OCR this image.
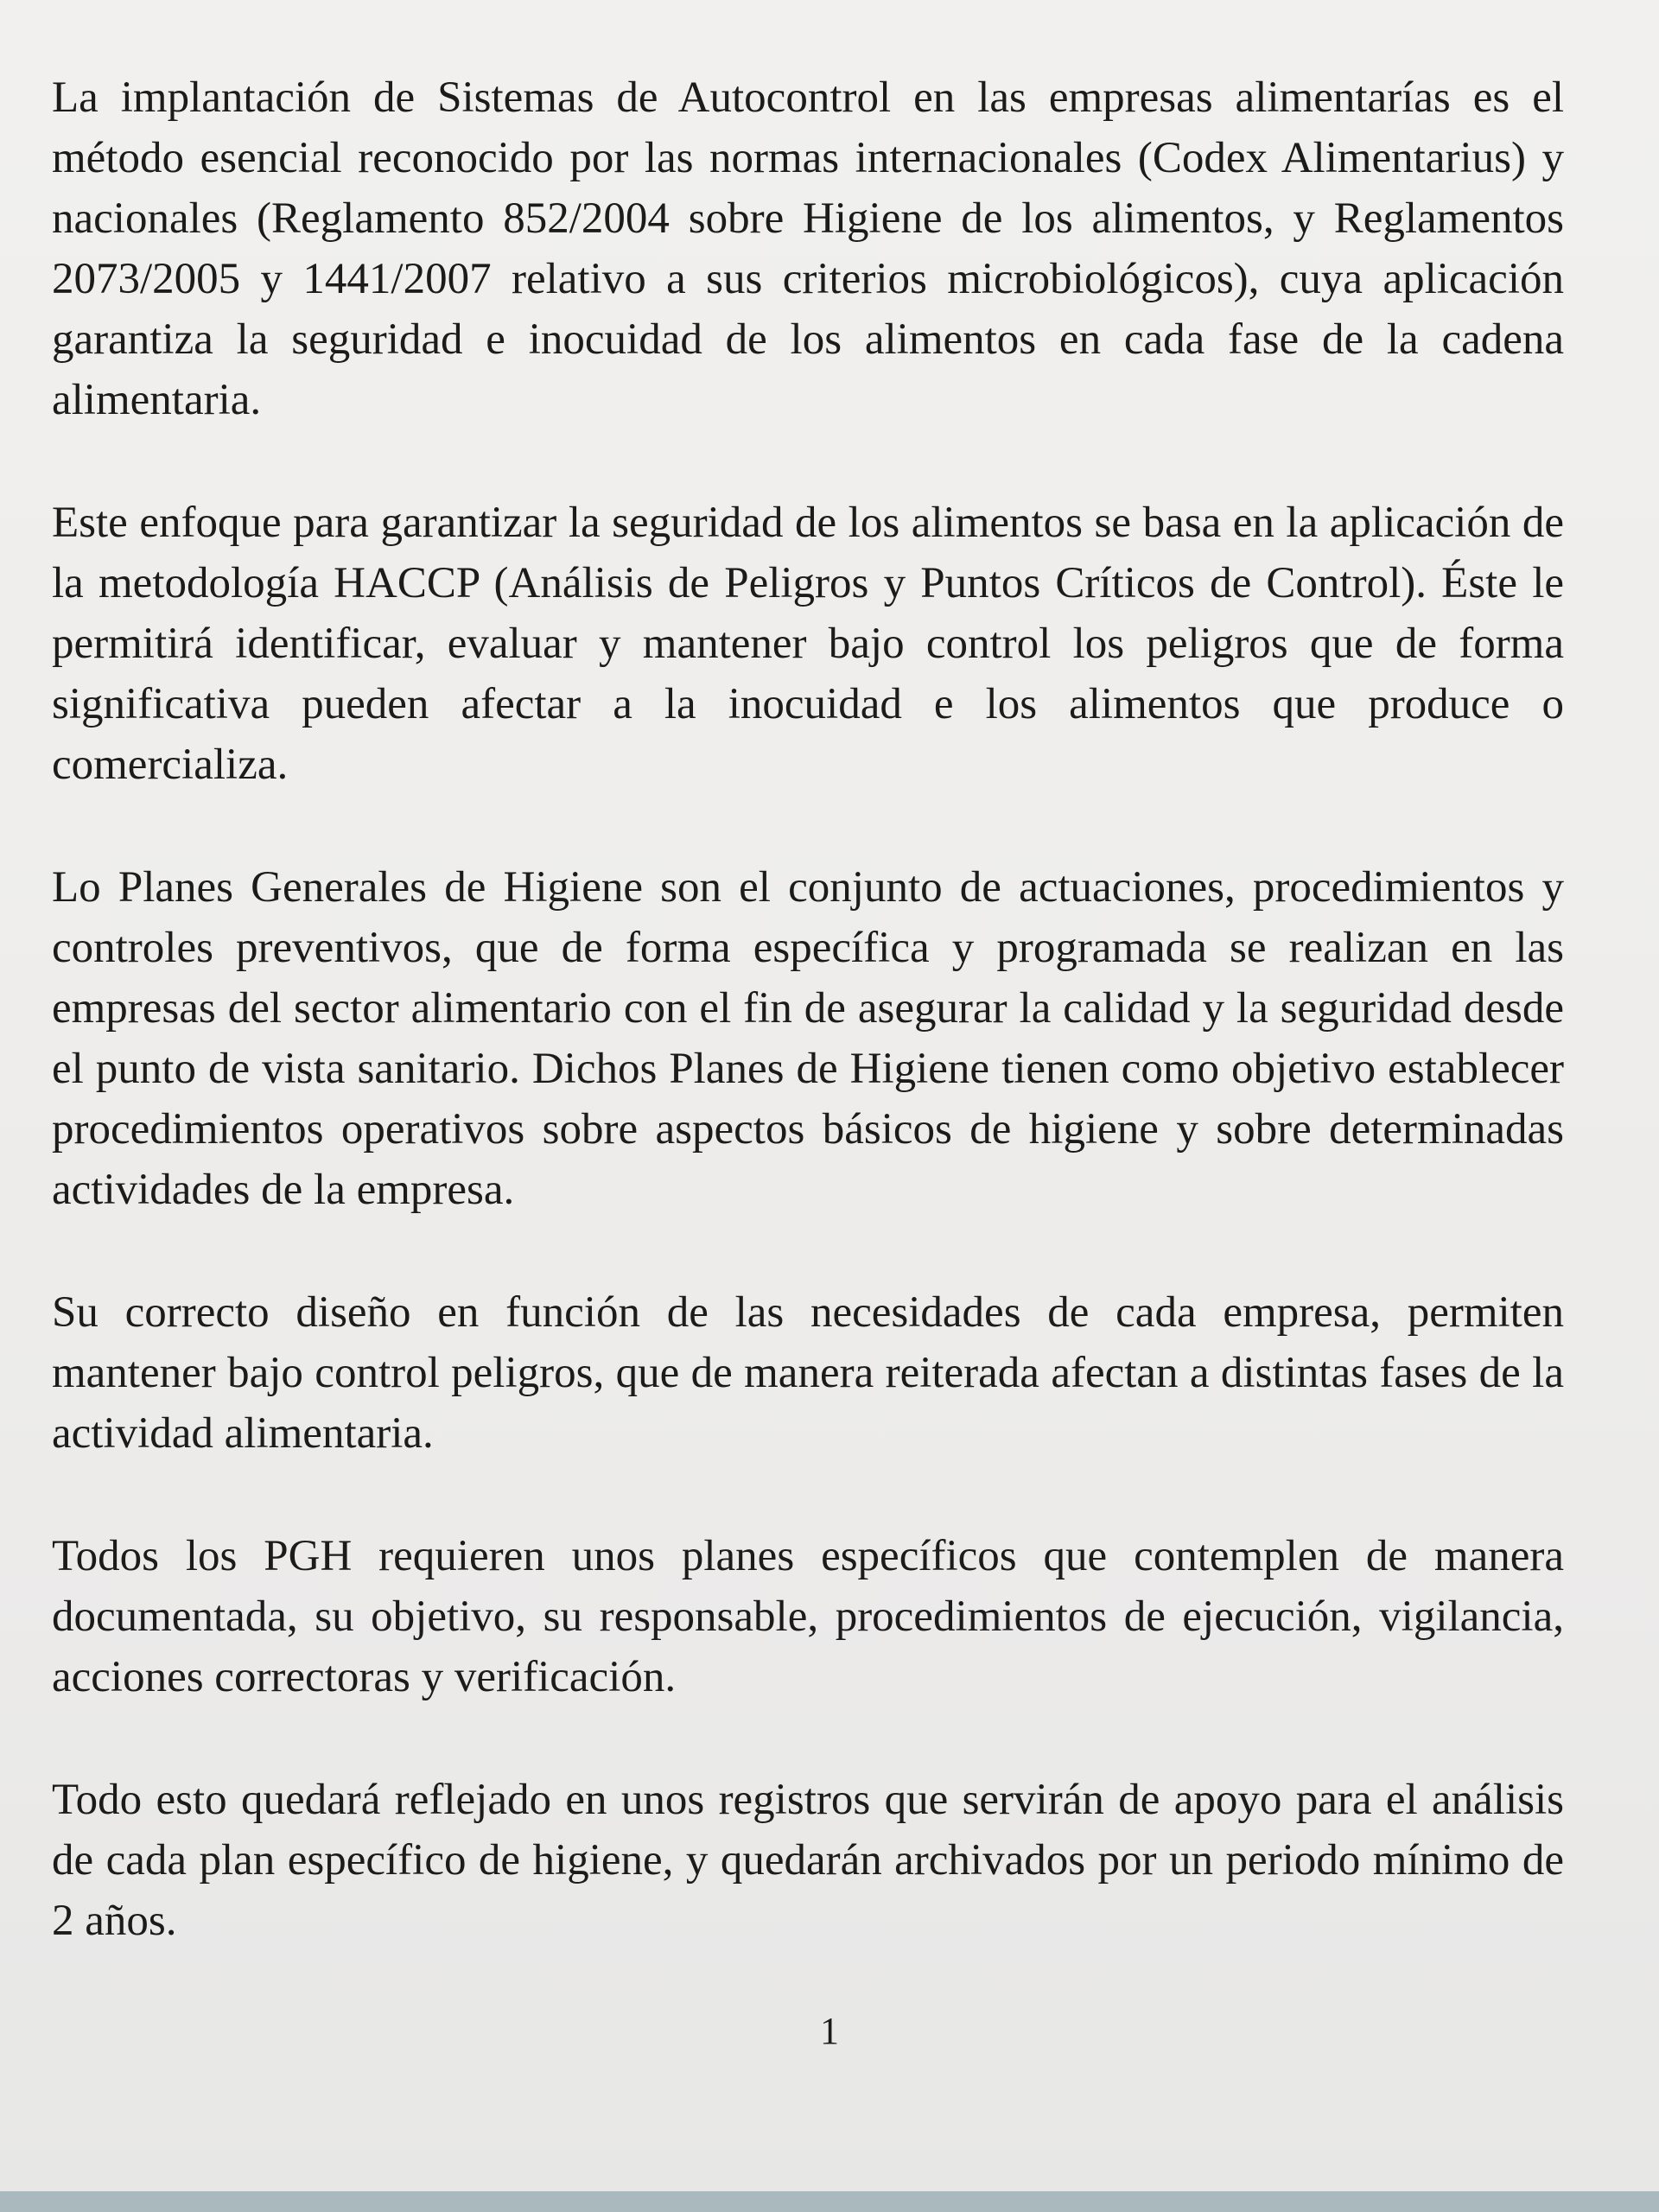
La implantación de Sistemas de Autocontrol en las empresas alimentarías es el método esencial reconocido por las normas internacionales (Codex Alimentarius) y nacionales (Reglamento 852/2004 sobre Higiene de los alimentos, y Reglamentos 2073/2005 y 1441/2007 relativo a sus criterios microbiológicos), cuya aplicación garantiza la seguridad e inocuidad de los alimentos en cada fase de la cadena alimentaria.

Este enfoque para garantizar la seguridad de los alimentos se basa en la aplicación de la metodología HACCP (Análisis de Peligros y Puntos Críticos de Control). Éste le permitirá identificar, evaluar y mantener bajo control los peligros que de forma significativa pueden afectar a la inocuidad e los alimentos que produce o comercializa.

Lo Planes Generales de Higiene son el conjunto de actuaciones, procedimientos y controles preventivos, que de forma específica y programada se realizan en las empresas del sector alimentario con el fin de asegurar la calidad y la seguridad desde el punto de vista sanitario. Dichos Planes de Higiene tienen como objetivo establecer procedimientos operativos sobre aspectos básicos de higiene y sobre determinadas actividades de la empresa.

Su correcto diseño en función de las necesidades de cada empresa, permiten mantener bajo control peligros, que de manera reiterada afectan a distintas fases de la actividad alimentaria.

Todos los PGH requieren unos planes específicos que contemplen de manera documentada, su objetivo, su responsable, procedimientos de ejecución, vigilancia, acciones correctoras y verificación.

Todo esto quedará reflejado en unos registros que servirán de apoyo para el análisis de cada plan específico de higiene, y quedarán archivados por un periodo mínimo de 2 años.

1
